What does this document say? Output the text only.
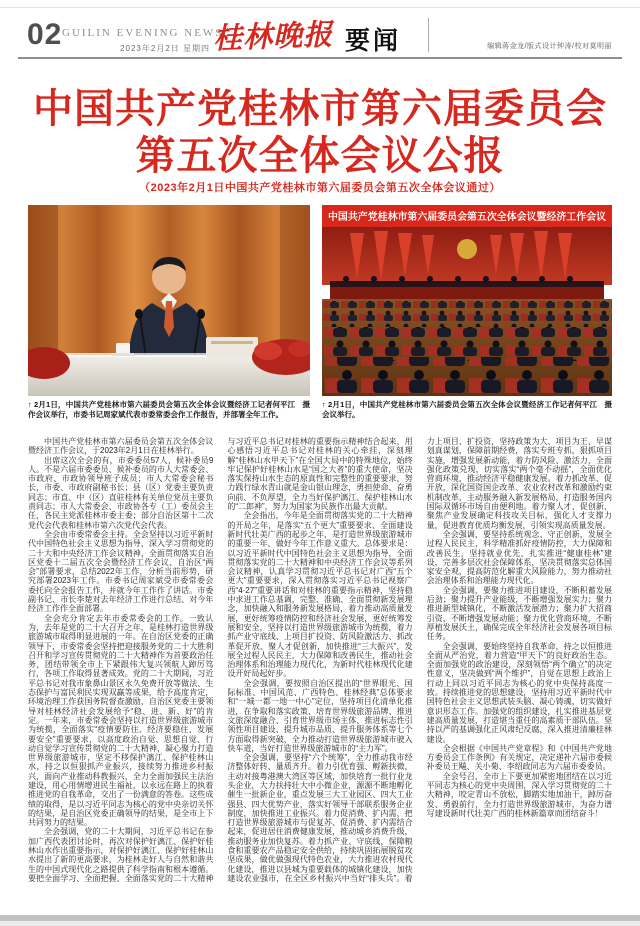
02 GUILIN EVENING NEWS
2023年2月2日 星期四 桂林晚报 要闻	编辑蒋金龙/版式设计钟涛/校对莫明丽
中国共产党桂林市第六届委员会
第五次全体会议公报
（2023年2月1日中国共产党桂林市第六届委员会第五次全体会议通过）
中国共产党桂林市第六届委员会第五次全体会议暨经济工作会议
记者何平江　摄
↑ 2月1日，中国共产党桂林市第六届委员会第五次全体会议暨经济工作会议举行，市委书记周家斌代表市委常委会作工作报告，并部署全年工作。
记者何平江　摄
↑ 2月1日，中国共产党桂林市第六届委员会第五次全体会议暨经济工作会议举行。

中国共产党桂林市第六届委员会第五次全体会议暨经济工作会议，于2023年2月1日在桂林举行。

出席这次全会的有，市委委员57人，候补委员9人。不是六届市委委员、候补委员的市人大常委会、市政府、市政协领导班子成员；市人大常委会秘书长，市委、市政府副秘书长；县（区）党委主要负责同志；市直、中（区）直驻桂林有关单位党员主要负责同志；市人大常委会、市政协各专（工）委员会主任，各民主党派桂林市委主委；部分自治区第十二次党代会代表和桂林市第六次党代会代表。

全会由市委常委会主持。全会坚持以习近平新时代中国特色社会主义思想为指导，深入学习贯彻党的二十大和中央经济工作会议精神，全面贯彻落实自治区党委十二届五次全会暨经济工作会议、自治区“两会”部署要求，总结2022年工作，分析当前形势，研究部署2023年工作。市委书记周家斌受市委常委会委托向全会报告工作，并就今年工作作了讲话。市委副书记、市长李楚对去年经济工作进行总结、对今年经济工作作全面部署。

全会充分肯定去年市委常委会的工作。一致认为，去年是党的二十大召开之年，是桂林打造世界级旅游城市取得明显进展的一年。在自治区党委的正确领导下，市委常委会坚持把迎接服务党的二十大胜利召开和学习宣传贯彻党的二十大精神作为首要政治任务，团结带领全市上下紧跟伟大复兴领航人踔厉笃行，各项工作取得显著成效。党的二十大期间，习近平总书记对我市象鼻山景区永久免费开放等做法、生态保护与富民利民实现双赢等成果，给予高度肯定，环境治理工作获国务院督查激励，自治区党委主要领导对桂林经济社会发展给予“稳、进、新、好”的肯定。一年来，市委常委会坚持以打造世界级旅游城市为统揽，全面落实“疫情要防住、经济要稳住、发展要安全”重要要求，以高度政治自觉、思想自觉、行动自觉学习宣传贯彻党的二十大精神，凝心聚力打造世界级旅游城市，坚定不移保护漓江、保护桂林山水，持之以恒狠抓产业振兴，接续努力推进乡村振兴，面向产业推动科教振兴，全力全面加强民主法治建设，用心用情增进民生福祉，以永远在路上的执着推进党的自我革命，交出了一份满意的答卷。这些成绩的取得，是以习近平同志为核心的党中央亲切关怀的结果，是自治区党委正确领导的结果，是全市上下共同努力的结果。

全会强调，党的二十大期间，习近平总书记在参加广西代表团讨论时，再次对保护好漓江、保护好桂林山水作出重要指示，对保护好漓江、保护好桂林山水提出了新的更高要求，为桂林走好人与自然和谐共生的中国式现代化之路提供了科学指南和根本遵循。要把全面学习、全面把握、全面落实党的二十大精神与习近平总书记对桂林的重要指示精神结合起来，用心感悟习近平总书记对桂林的关心牵挂，深刻理解“桂林山水甲天下”在全国大局中的特殊地位，始终牢记保护好桂林山水是“国之大者”的重大使命，坚决落实保持山水生态的原真性和完整性的重要要求，努力践行绿水青山就是金山银山理念，勇担使命、奋勇向前、不负厚望，全力当好保护漓江、保护桂林山水的“二郎神”，努力为国家为民族作出最大贡献。

全会指出，今年是全面贯彻落实党的二十大精神的开局之年，是落实“五个更大”重要要求、全面建设新时代壮美广西的起步之年，是打造世界级旅游城市的重要一年，做好今年工作意义重大。总体要求是：以习近平新时代中国特色社会主义思想为指导，全面贯彻落实党的二十大精神和中央经济工作会议等系列会议精神，认真学习贯彻习近平总书记对广西“五个更大”重要要求，深入贯彻落实习近平总书记视察广西“4·27”重要讲话和对桂林的重要指示精神，坚持稳中求进工作总基调，完整、准确、全面贯彻新发展理念，加快融入和服务新发展格局，着力推动高质量发展，更好统筹疫情防控和经济社会发展，更好统筹发展和安全，坚持以打造世界级旅游城市为统揽，着力抓产业守底线、上项目扩投资、防风险激活力、抓改革促开放、聚人才促创新，加快推进“三大振兴”，发展全过程人民民主，大力保障和改善民生，推动社会治理体系和治理能力现代化，为新时代桂林现代化建设开好局起好步。

全会强调，要按照自治区提出的“世界眼光、国际标准、中国风范、广西特色、桂林经典”总体要求和“一城一都一地一中心”定位，坚持项目化清单化推进，在争取和落实政策、培育世界级旅游品牌、推进文旅深度融合、引育世界级市场主体、推进标志性引领性项目建设、提升城市品质、提升服务体系等七个方面取得新突破，全力推动打造世界级旅游城市驶入快车道，当好打造世界级旅游城市的“主力军”。

全会强调，要坚持“六个统筹”，全力推动我市经济整体好转、量质齐升。着力引优育强、孵新扶微，主动对接粤港澳大湾区等区域，加快培育一批行业龙头企业，大力扶持壮大中小微企业，源源不断地孵化催生一批新企业，重点发展三大工业园区、四大工业强县、四大优势产业，落实好领导干部联系服务企业制度，加快推进工业振兴。着力促消费、扩内需，把打造世界级旅游城市与促复苏、促消费、扩内需结合起来，促进居住消费健康发展，推动城乡消费升级，推动服务业加快复苏。着力抓产业、守底线，保障粮食和重要农产品稳定安全供给，持续巩固拓展脱贫攻坚成果，做优做强现代特色农业，大力推进农村现代化建设，推进以县城为重要载体的城镇化建设，加快建设农业强市，在全区乡村振兴中当好“排头兵”。着力上项目、扩投资，坚持政策为大、项目为王、早谋划真谋划，保障前期经费，落实专班专抓，狠抓项目实施，增强发展新动能，着力防风险、激活力，全面强化政策兑现，切实落实“两个毫不动摇”，全面优化营商环境，推动经济平稳健康发展。着力抓改革、促开放，深化国资国企改革、农业农村改革和激励约束机制改革，主动服务融入新发展格局，打造服务国内国际双循环市场自由便利地。着力聚人才、促创新，聚焦产业发展确定科技攻关目标，强化人才支撑力量，促进教育优质均衡发展，引领实现高质量发展。

全会强调，要坚持系统观念、守正创新，发展全过程人民民主，科学精准抓好疫情防控，大力保障和改善民生，坚持就业优先，扎实推进“健康桂林”建设，完善多层次社会保障体系，坚决贯彻落实总体国家安全观，提高防范化解重大风险能力，努力推动社会治理体系和治理能力现代化。

全会强调，要聚力推进项目建设，不断积蓄发展后劲；聚力提升产业能级，不断增强发展实力；聚力推进新型城镇化，不断激活发展潜力；聚力扩大招商引资，不断增强发展动能；聚力优化营商环境，不断厚植发展沃土，确保完成全年经济社会发展各项目标任务。

全会强调，要始终坚持自我革命，持之以恒推进全面从严治党，着力营造“甲天下”的良好政治生态。全面加强党的政治建设，深刻领悟“两个确立”的决定性意义，坚决做到“两个维护”，自觉在思想上政治上行动上同以习近平同志为核心的党中央保持高度一致。持续推进党的思想建设，坚持用习近平新时代中国特色社会主义思想武装头脑、凝心铸魂，切实做好意识形态工作。加强党的组织建设，扎实推进基层党建高质量发展，打造堪当重任的高素质干部队伍。坚持以严的基调强化正风肃纪反腐，深入推进清廉桂林建设。

全会根据《中国共产党章程》和《中国共产党地方委员会工作条例》有关规定，决定递补六届市委候补委员王飚、关小菊、李绍政同志为六届市委委员。

全会号召，全市上下要更加紧密地团结在以习近平同志为核心的党中央周围，深入学习贯彻党的二十大精神，咬定青山不放松，脚踏实地加油干，踔厉奋发、勇毅前行，全力打造世界级旅游城市，为奋力谱写建设新时代壮美广西的桂林新篇章而团结奋斗！
